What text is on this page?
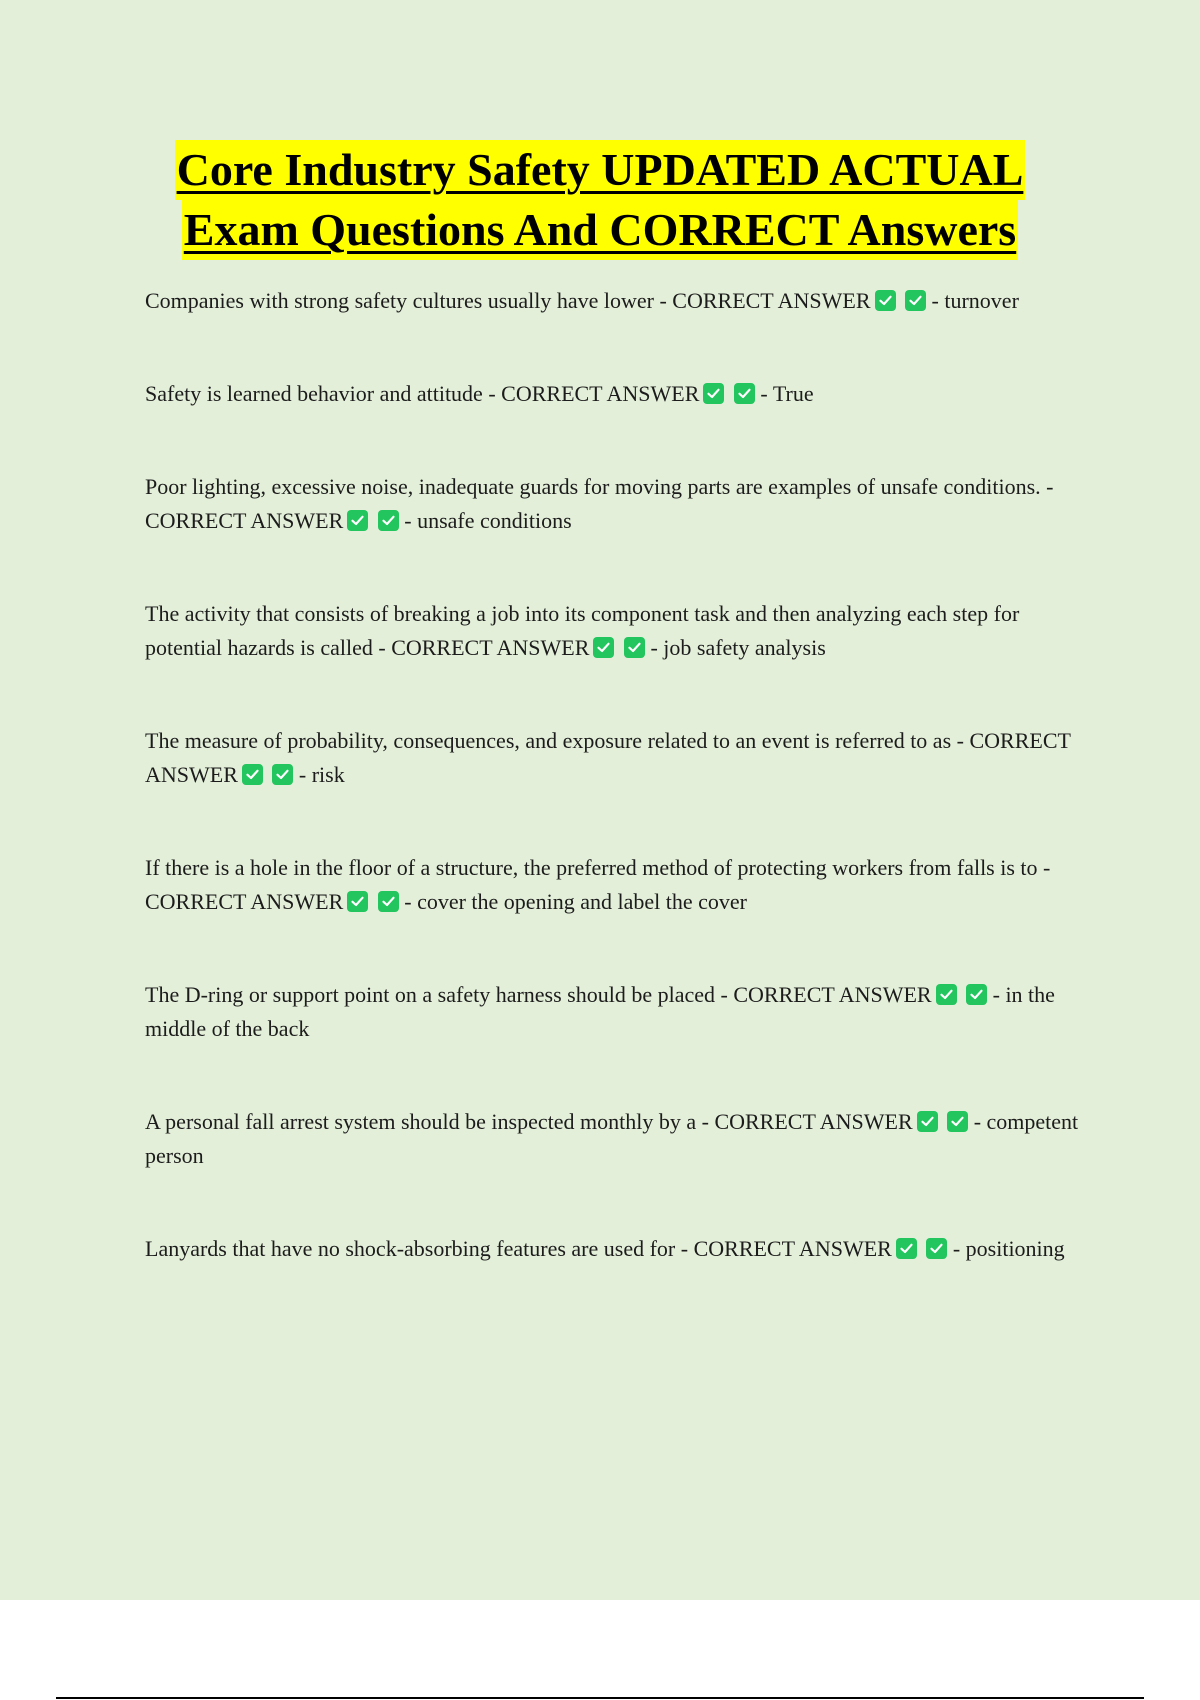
Core Industry Safety UPDATED ACTUAL
Exam Questions And CORRECT Answers

Companies with strong safety cultures usually have lower - CORRECT ANSWER
	- turnover

Safety is learned behavior and attitude - CORRECT ANSWER
	- True

Poor lighting, excessive noise, inadequate guards for moving parts are examples of unsafe conditions. - CORRECT ANSWER
	- unsafe conditions

The activity that consists of breaking a job into its component task and then analyzing each step for potential hazards is called - CORRECT ANSWER
	- job safety analysis

The measure of probability, consequences, and exposure related to an event is referred to as - CORRECT ANSWER
	- risk

If there is a hole in the floor of a structure, the preferred method of protecting workers from falls is to - CORRECT ANSWER
	- cover the opening and label the cover

The D-ring or support point on a safety harness should be placed - CORRECT ANSWER
	- in the middle of the back

A personal fall arrest system should be inspected monthly by a - CORRECT ANSWER
	- competent person

Lanyards that have no shock-absorbing features are used for - CORRECT ANSWER
	- positioning
